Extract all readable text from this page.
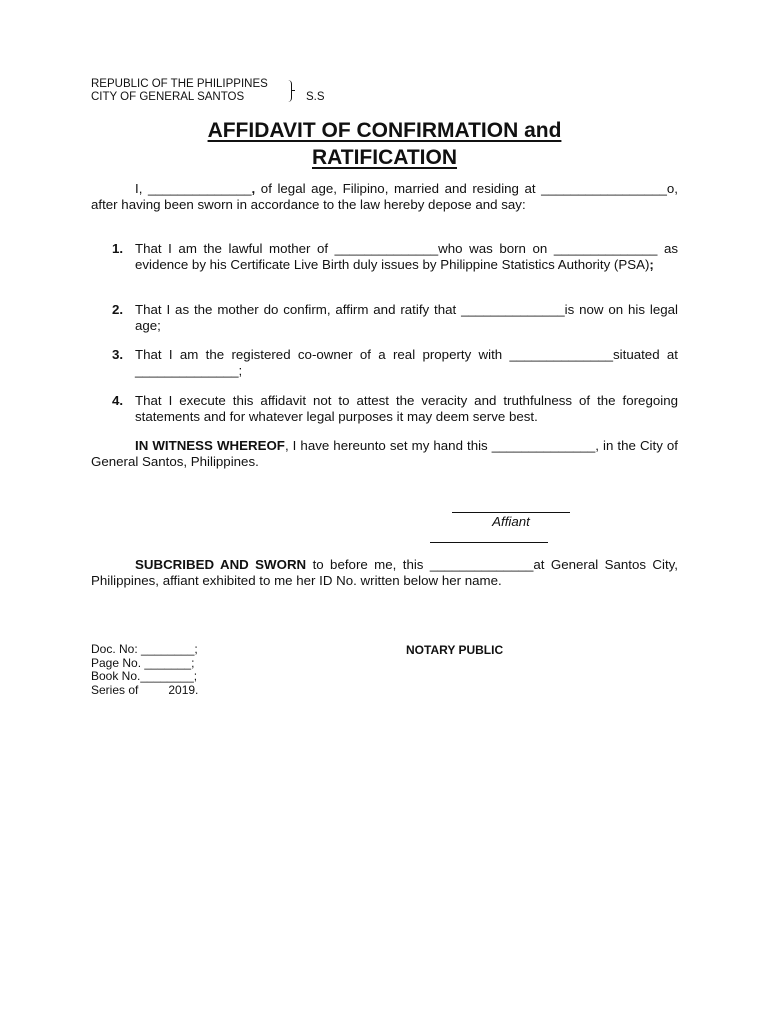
REPUBLIC OF THE PHILIPPINES
CITY OF GENERAL SANTOS	S.S
AFFIDAVIT OF CONFIRMATION and
RATIFICATION
I, ______________, of legal age, Filipino, married and residing at _________________o, after having been sworn in accordance to the law hereby depose and say:
1. That I am the lawful mother of ______________who was born on ______________ as evidence by his Certificate Live Birth duly issues by Philippine Statistics Authority (PSA);
2. That I as the mother do confirm, affirm and ratify that ______________is now on his legal age;
3. That I am the registered co-owner of a real property with ______________situated at ______________;
4. That I execute this affidavit not to attest the veracity and truthfulness of the foregoing statements and for whatever legal purposes it may deem serve best.
IN WITNESS WHEREOF, I have hereunto set my hand this ______________, in the City of General Santos, Philippines.
Affiant
SUBCRIBED AND SWORN to before me, this ______________at General Santos City, Philippines, affiant exhibited to me her ID No. written below her name.
Doc. No: ________;
Page No. _______;
Book No.________;
Series of         2019.
NOTARY PUBLIC
